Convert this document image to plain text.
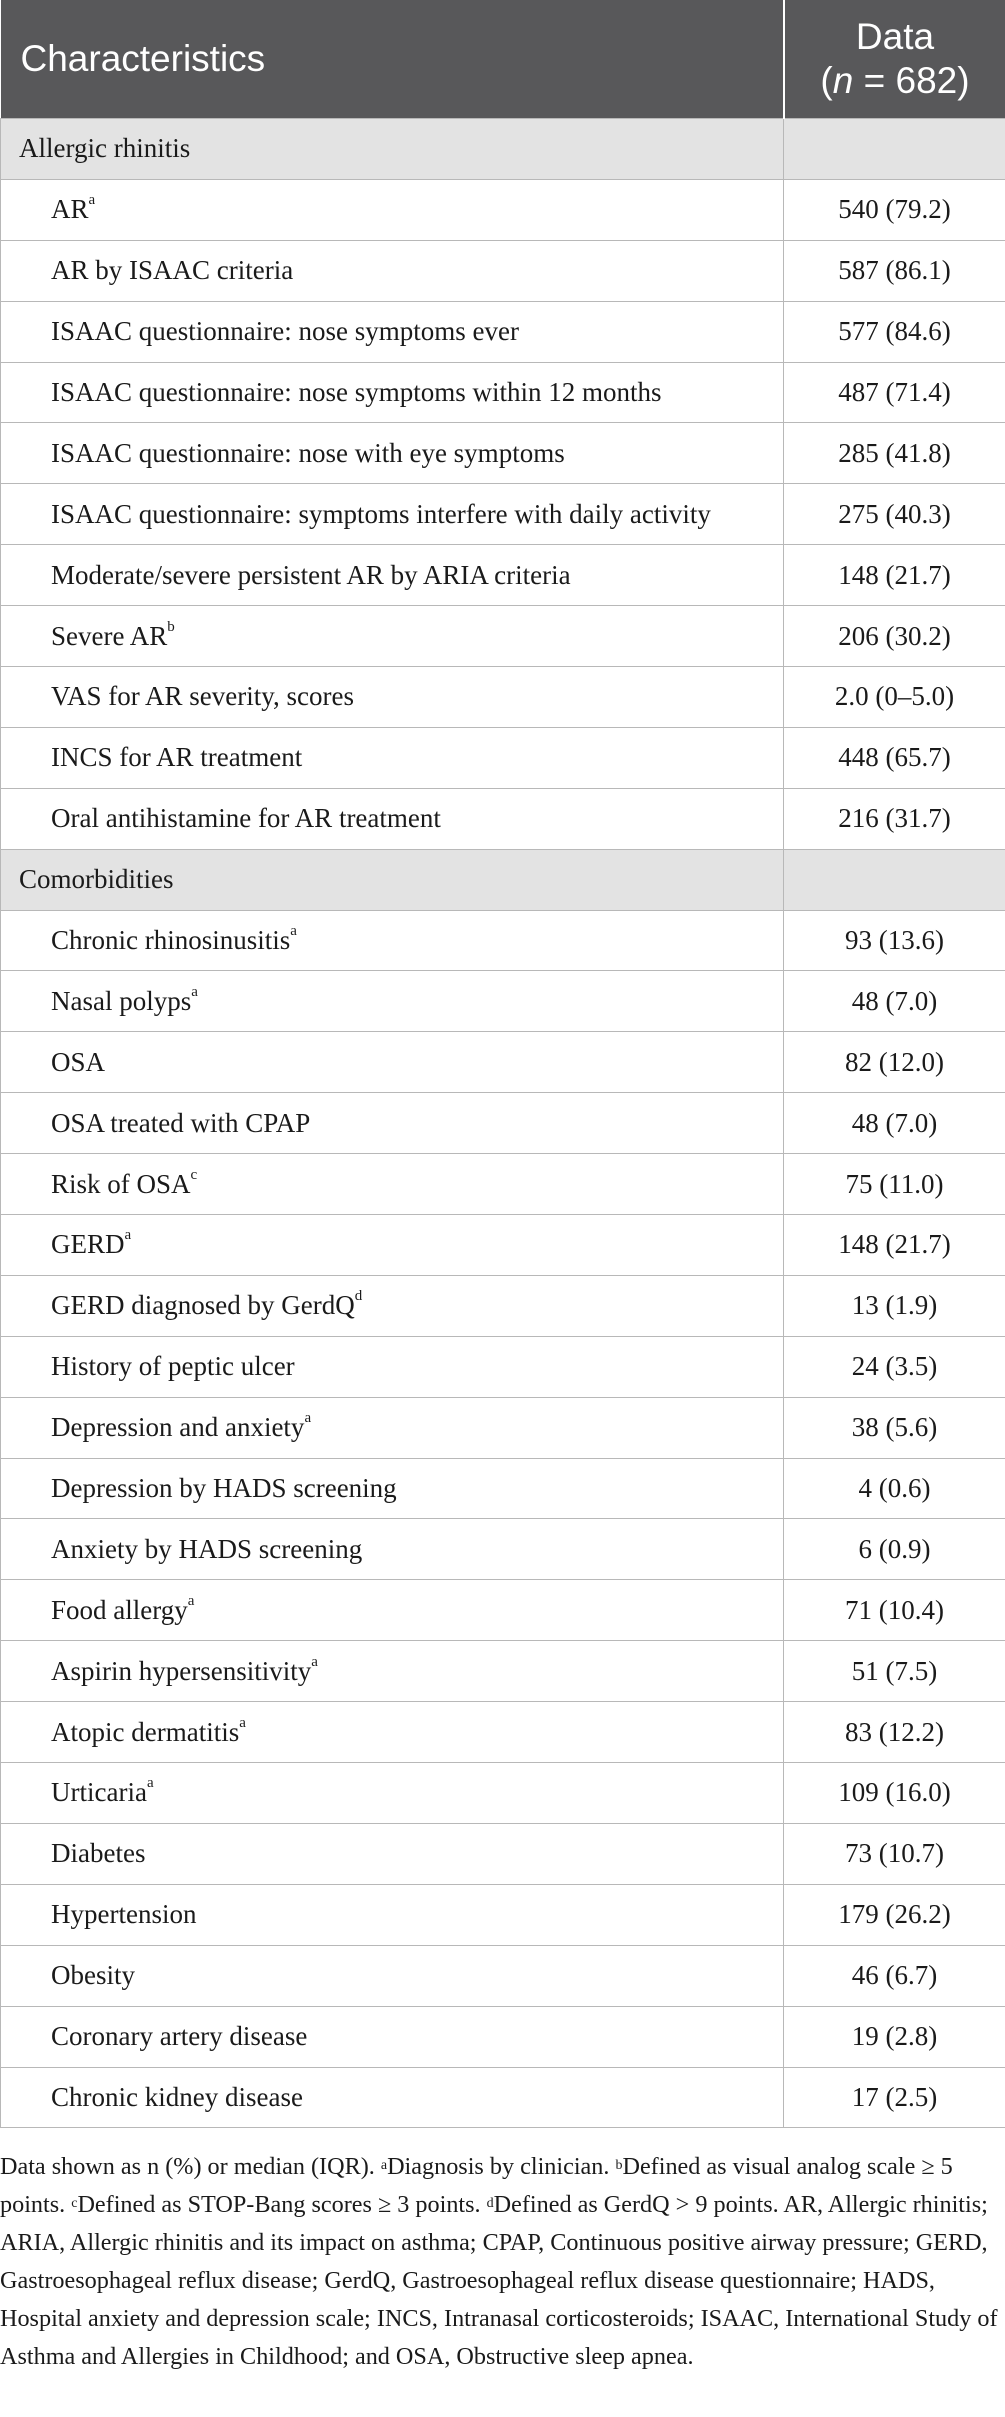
Characteristics	Data
(n = 682)

Allergic rhinitis	
$AR^a$	540 (79.2)
AR by ISAAC criteria	587 (86.1)
ISAAC questionnaire: nose symptoms ever	577 (84.6)
ISAAC questionnaire: nose symptoms within 12 months	487 (71.4)
ISAAC questionnaire: nose with eye symptoms	285 (41.8)
ISAAC questionnaire: symptoms interfere with daily activity	275 (40.3)
Moderate/severe persistent AR by ARIA criteria	148 (21.7)
Severe $AR^b$	206 (30.2)
VAS for AR severity, scores	2.0 (0–5.0)
INCS for AR treatment	448 (65.7)
Oral antihistamine for AR treatment	216 (31.7)
Comorbidities	
Chronic rhinosinusitis$^a$	93 (13.6)
Nasal polyps$^a$	48 (7.0)
OSA	82 (12.0)
OSA treated with CPAP	48 (7.0)
Risk of OSA$^c$	75 (11.0)
GERD$^a$	148 (21.7)
GERD diagnosed by GerdQ$^d$	13 (1.9)
History of peptic ulcer	24 (3.5)
Depression and anxiety$^a$	38 (5.6)
Depression by HADS screening	4 (0.6)
Anxiety by HADS screening	6 (0.9)
Food allergy$^a$	71 (10.4)
Aspirin hypersensitivity$^a$	51 (7.5)
Atopic dermatitis$^a$	83 (12.2)
Urticaria$^a$	109 (16.0)
Diabetes	73 (10.7)
Hypertension	179 (26.2)
Obesity	46 (6.7)
Coronary artery disease	19 (2.8)
Chronic kidney disease	17 (2.5)
Data shown as n (%) or median (IQR). $^a$Diagnosis by clinician. $^b$Defined as visual analog scale ≥ 5 points. $^c$Defined as STOP-Bang scores ≥ 3 points. $^d$Defined as GerdQ > 9 points. AR, Allergic rhinitis; ARIA, Allergic rhinitis and its impact on asthma; CPAP, Continuous positive airway pressure; GERD, Gastroesophageal reflux disease; GerdQ, Gastroesophageal reflux disease questionnaire; HADS, Hospital anxiety and depression scale; INCS, Intranasal corticosteroids; ISAAC, International Study of Asthma and Allergies in Childhood; and OSA, Obstructive sleep apnea.
